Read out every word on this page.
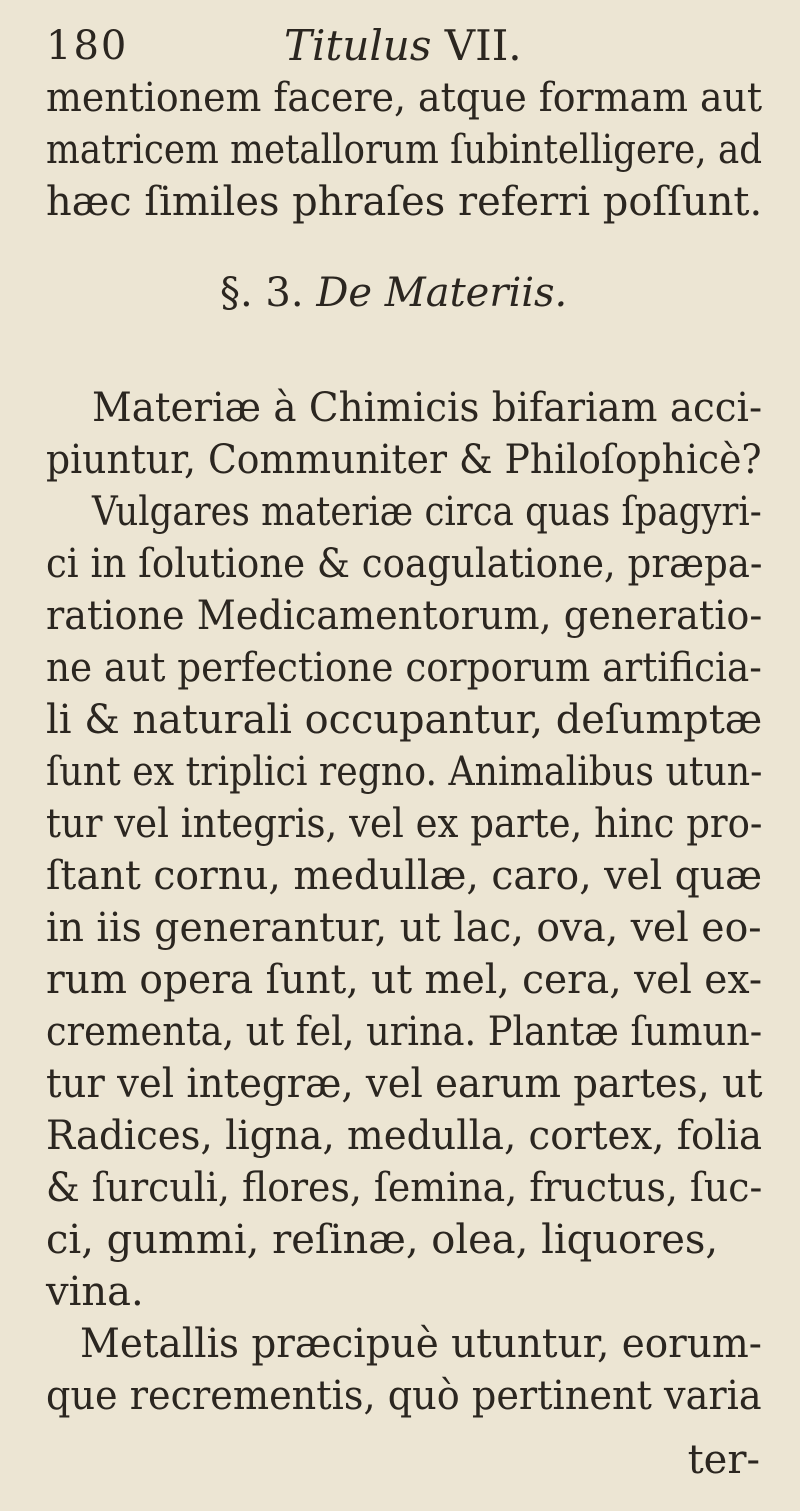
180	Titulus VII.
mentionem facere, atque formam aut
matricem metallorum ſubintelligere, ad
hæc ſimiles phraſes referri poſſunt.
§. 3. De Materiis.
Materiæ à Chimicis bifariam acci-
piuntur, Communiter & Philoſophicè?
Vulgares materiæ circa quas ſpagyri-
ci in ſolutione & coagulatione, præpa-
ratione Medicamentorum, generatio-
ne aut perfectione corporum artificia-
li & naturali occupantur, deſumptæ
ſunt ex triplici regno. Animalibus utun-
tur vel integris, vel ex parte, hinc pro-
ſtant cornu, medullæ, caro, vel quæ
in iis generantur, ut lac, ova, vel eo-
rum opera ſunt, ut mel, cera, vel ex-
crementa, ut fel, urina. Plantæ ſumun-
tur vel integræ, vel earum partes, ut
Radices, ligna, medulla, cortex, folia
& ſurculi, flores, ſemina, fructus, ſuc-
ci, gummi, reſinæ, olea, liquores,
vina.
Metallis præcipuè utuntur, eorum-
que recrementis, quò pertinent varia
ter-
